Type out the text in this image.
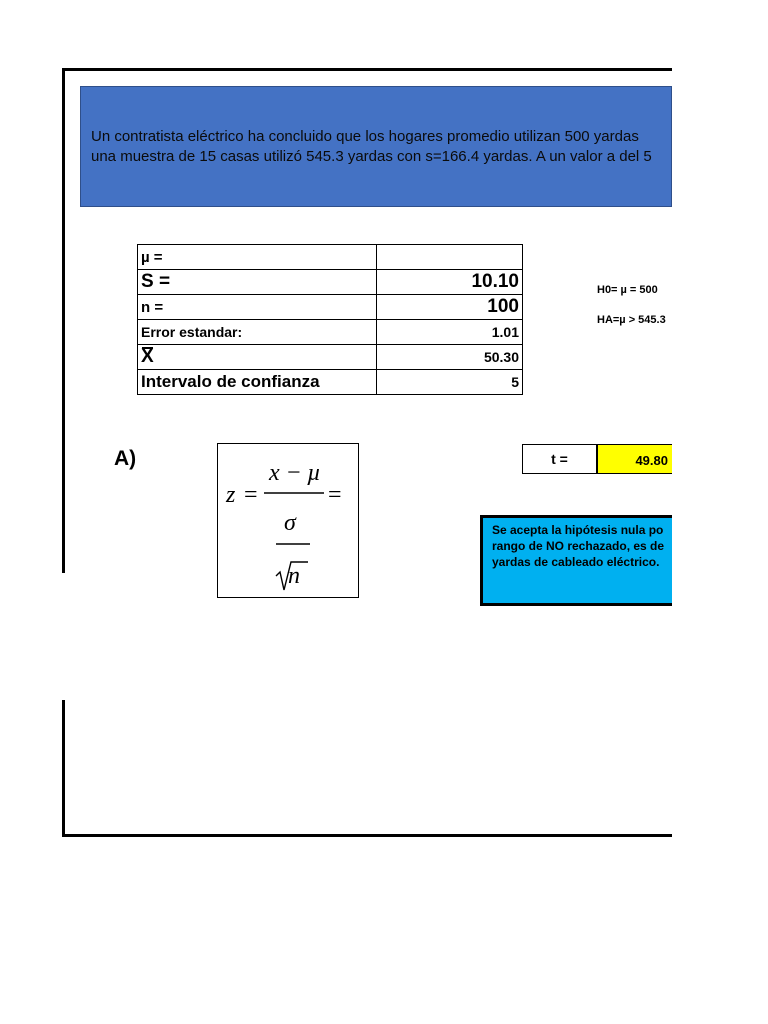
Un contratista eléctrico ha concluido que los hogares promedio utilizan 500 yardas
una muestra de 15 casas utilizó 545.3 yardas con s=166.4 yardas. A un valor a del 5
µ =	
S =	10.10
n =	100
Error estandar:	1.01
X	50.30
Intervalo de confianza	5
H0= µ = 500
HA=µ > 545.3
A)
z =
x − µ
σ
n
=
t =	49.80
Se acepta la hipótesis nula po
rango de NO rechazado, es de
yardas de cableado eléctrico.
